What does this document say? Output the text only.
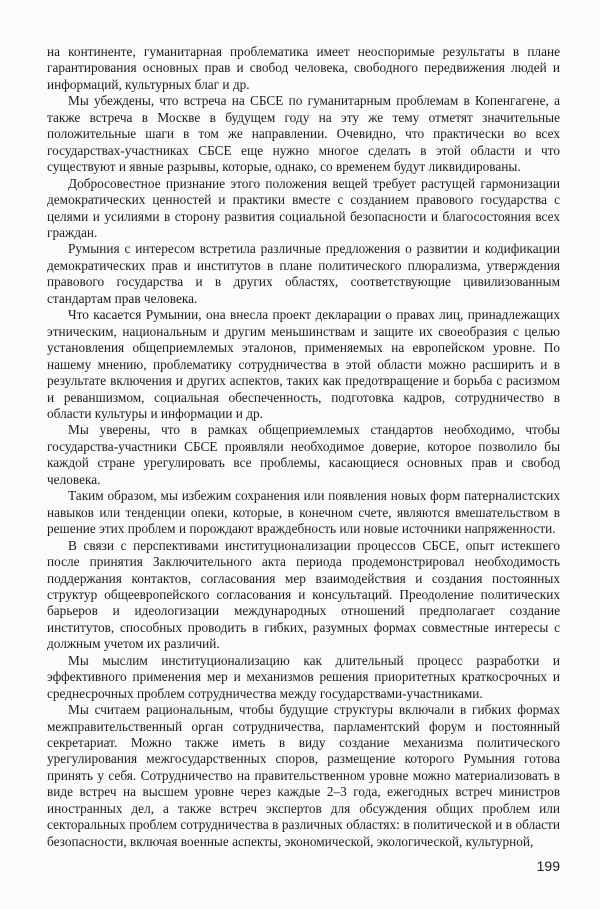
на континенте, гуманитарная проблематика имеет неоспоримые результаты в плане гарантирования основных прав и свобод человека, свободного передвижения людей и информаций, культурных благ и др.

Мы убеждены, что встреча на СБСЕ по гуманитарным проблемам в Копенгагене, а также встреча в Москве в будущем году на эту же тему отметят значительные положительные шаги в том же направлении. Очевидно, что практически во всех государствах-участниках СБСЕ еще нужно многое сделать в этой области и что существуют и явные разрывы, которые, однако, со временем будут ликвидированы.

Добросовестное признание этого положения вещей требует растущей гармонизации демократических ценностей и практики вместе с созданием правового государства с целями и усилиями в сторону развития социальной безопасности и благосостояния всех граждан.

Румыния с интересом встретила различные предложения о развитии и кодификации демократических прав и институтов в плане политического плюрализма, утверждения правового государства и в других областях, соответствующие цивилизованным стандартам прав человека.

Что касается Румынии, она внесла проект декларации о правах лиц, принадлежащих этническим, национальным и другим меньшинствам и защите их своеобразия с целью установления общеприемлемых эталонов, применяемых на европейском уровне. По нашему мнению, проблематику сотрудничества в этой области можно расширить и в результате включения и других аспектов, таких как предотвращение и борьба с расизмом и реваншизмом, социальная обеспеченность, подготовка кадров, сотрудничество в области культуры и информации и др.

Мы уверены, что в рамках общеприемлемых стандартов необходимо, чтобы государства-участники СБСЕ проявляли необходимое доверие, которое позволило бы каждой стране урегулировать все проблемы, касающиеся основных прав и свобод человека.

Таким образом, мы избежим сохранения или появления новых форм патерналистских навыков или тенденции опеки, которые, в конечном счете, являются вмешательством в решение этих проблем и порождают враждебность или новые источники напряженности.

В связи с перспективами институционализации процессов СБСЕ, опыт истекшего после принятия Заключительного акта периода продемонстрировал необходимость поддержания контактов, согласования мер взаимодействия и создания постоянных структур общеевропейского согласования и консультаций. Преодоление политических барьеров и идеологизации международных отношений предполагает создание институтов, способных проводить в гибких, разумных формах совместные интересы с должным учетом их различий.

Мы мыслим институционализацию как длительный процесс разработки и эффективного применения мер и механизмов решения приоритетных краткосрочных и среднесрочных проблем сотрудничества между государствами-участниками.

Мы считаем рациональным, чтобы будущие структуры включали в гибких формах межправительственный орган сотрудничества, парламентский форум и постоянный секретариат. Можно также иметь в виду создание механизма политического урегулирования межгосударственных споров, размещение которого Румыния готова принять у себя. Сотрудничество на правительственном уровне можно материализовать в виде встреч на высшем уровне через каждые 2–3 года, ежегодных встреч министров иностранных дел, а также встреч экспертов для обсуждения общих проблем или секторальных проблем сотрудничества в различных областях: в политической и в области безопасности, включая военные аспекты, экономической, экологической, культурной,

199
